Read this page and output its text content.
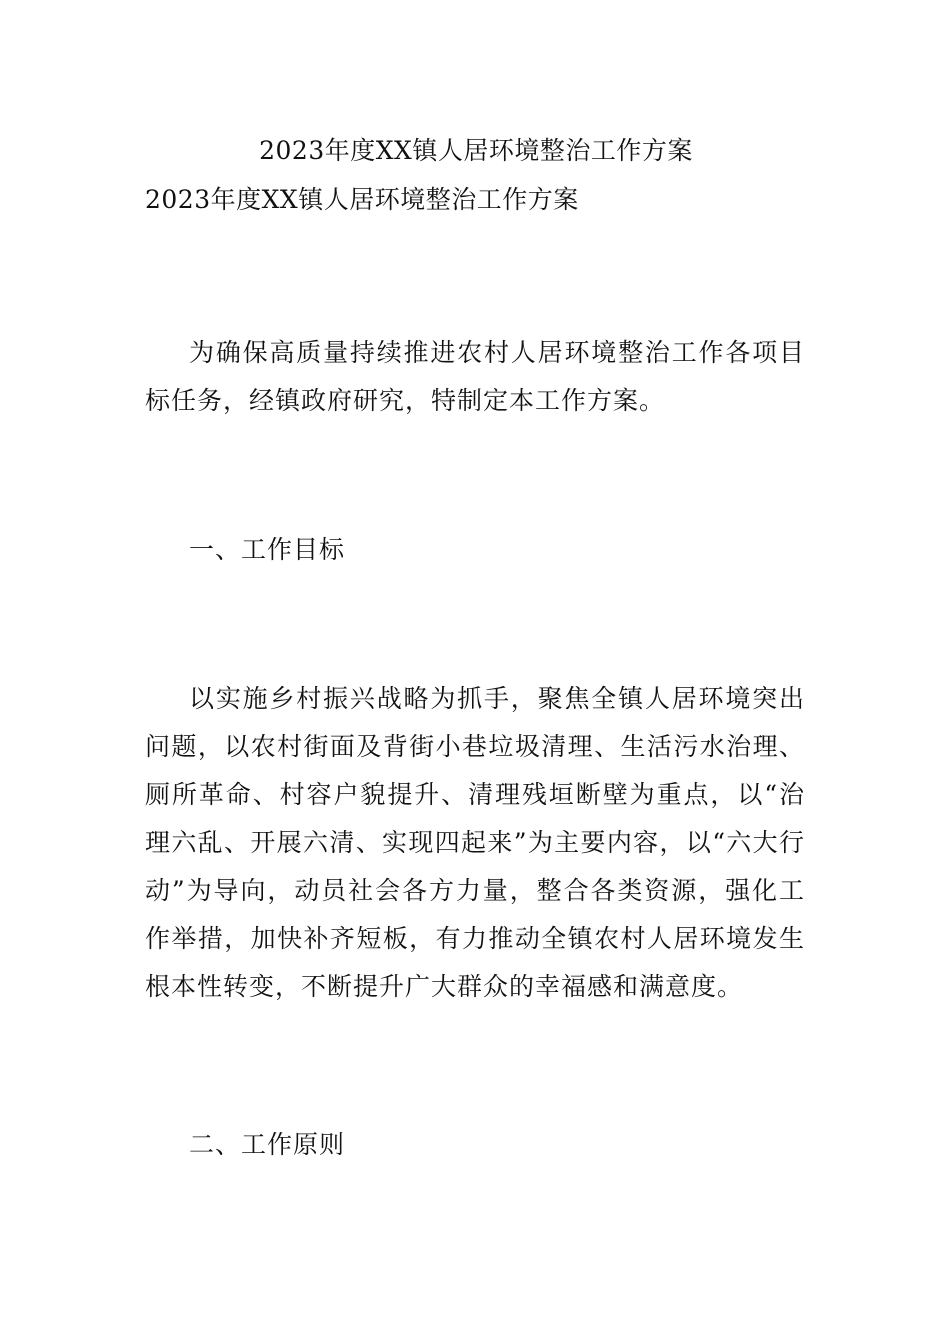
2023年度XX镇人居环境整治工作方案
2023年度XX镇人居环境整治工作方案
为确保高质量持续推进农村人居环境整治工作各项目标任务，经镇政府研究，特制定本工作方案。
一、工作目标
以实施乡村振兴战略为抓手，聚焦全镇人居环境突出问题，以农村街面及背街小巷垃圾清理、生活污水治理、厕所革命、村容户貌提升、清理残垣断壁为重点，以“治理六乱、开展六清、实现四起来”为主要内容，以“六大行动”为导向，动员社会各方力量，整合各类资源，强化工作举措，加快补齐短板，有力推动全镇农村人居环境发生根本性转变，不断提升广大群众的幸福感和满意度。
二、工作原则
